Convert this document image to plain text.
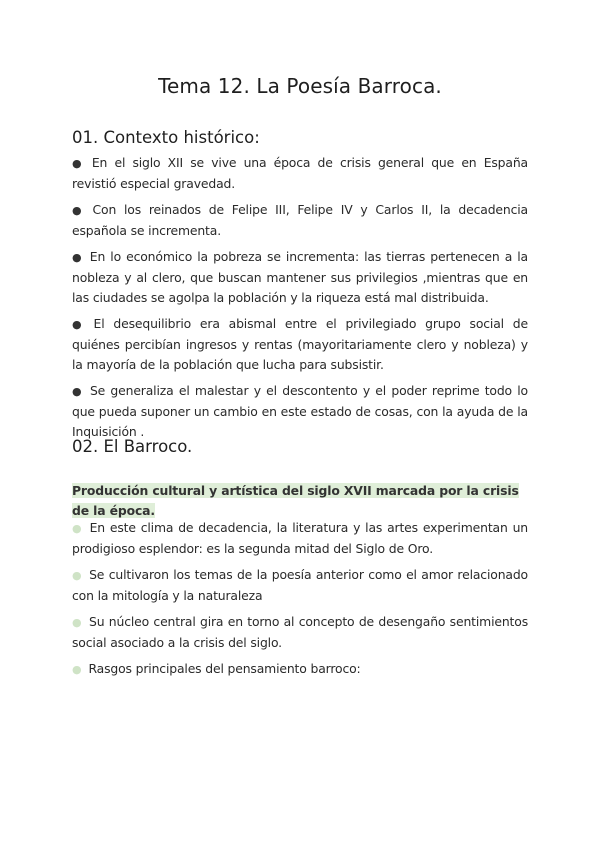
Tema 12. La Poesía Barroca.
01. Contexto histórico:

● En el siglo XII se vive una época de crisis general que en España revistió especial gravedad.

● Con los reinados de Felipe III, Felipe IV y Carlos II, la decadencia española se incrementa.

● En lo económico la pobreza se incrementa: las tierras pertenecen a la nobleza y al clero, que buscan mantener sus privilegios ,mientras que en las ciudades se agolpa la población y la riqueza está mal distribuida.

● El desequilibrio era abismal entre el privilegiado grupo social de quiénes percibían ingresos y rentas (mayoritariamente clero y nobleza) y la mayoría de la población que lucha para subsistir.

● Se generaliza el malestar y el descontento y el poder reprime todo lo que pueda suponer un cambio en este estado de cosas, con la ayuda de la Inquisición .

02. El Barroco.
Producción cultural y artística del siglo XVII marcada por la crisis de la época.

● En este clima de decadencia, la literatura y las artes experimentan un prodigioso esplendor: es la segunda mitad del Siglo de Oro.

● Se cultivaron los temas de la poesía anterior como el amor relacionado con la mitología y la naturaleza

● Su núcleo central gira en torno al concepto de desengaño sentimientos social asociado a la crisis del siglo.

● Rasgos principales del pensamiento barroco:
